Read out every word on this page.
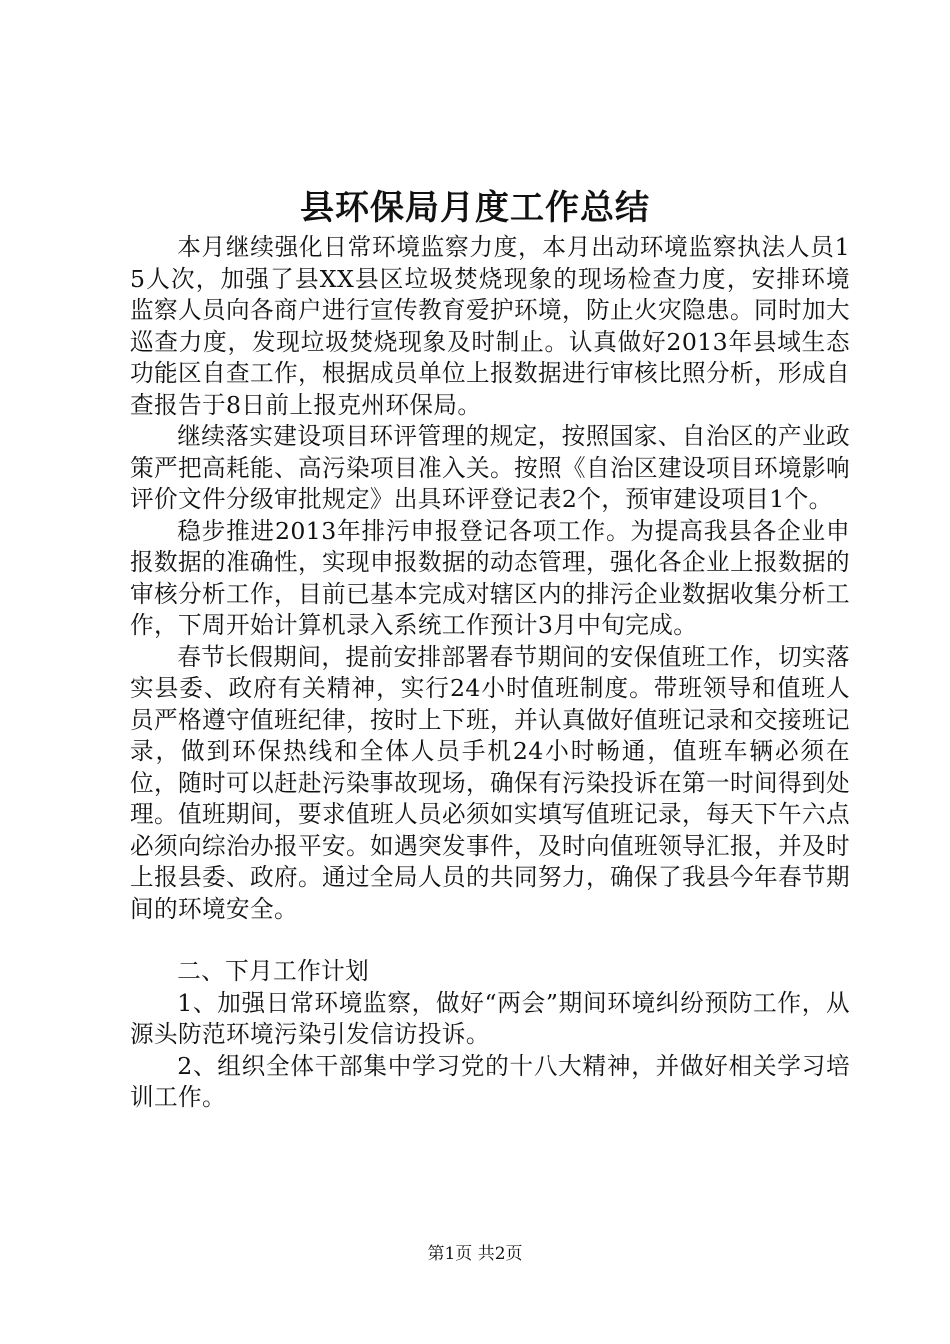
县环保局月度工作总结

本月继续强化日常环境监察力度，本月出动环境监察执法人员15人次，加强了县XX县区垃圾焚烧现象的现场检查力度，安排环境监察人员向各商户进行宣传教育爱护环境，防止火灾隐患。同时加大巡查力度，发现垃圾焚烧现象及时制止。认真做好2013年县域生态功能区自查工作，根据成员单位上报数据进行审核比照分析，形成自查报告于8日前上报克州环保局。

继续落实建设项目环评管理的规定，按照国家、自治区的产业政策严把高耗能、高污染项目准入关。按照《自治区建设项目环境影响评价文件分级审批规定》出具环评登记表2个，预审建设项目1个。

稳步推进2013年排污申报登记各项工作。为提高我县各企业申报数据的准确性，实现申报数据的动态管理，强化各企业上报数据的审核分析工作，目前已基本完成对辖区内的排污企业数据收集分析工作，下周开始计算机录入系统工作预计3月中旬完成。

春节长假期间，提前安排部署春节期间的安保值班工作，切实落实县委、政府有关精神，实行24小时值班制度。带班领导和值班人员严格遵守值班纪律，按时上下班，并认真做好值班记录和交接班记录，做到环保热线和全体人员手机24小时畅通，值班车辆必须在位，随时可以赶赴污染事故现场，确保有污染投诉在第一时间得到处理。值班期间，要求值班人员必须如实填写值班记录，每天下午六点必须向综治办报平安。如遇突发事件，及时向值班领导汇报，并及时上报县委、政府。通过全局人员的共同努力，确保了我县今年春节期间的环境安全。

二、下月工作计划

1、加强日常环境监察，做好“两会”期间环境纠纷预防工作，从源头防范环境污染引发信访投诉。

2、组织全体干部集中学习党的十八大精神，并做好相关学习培训工作。

第1页 共2页
